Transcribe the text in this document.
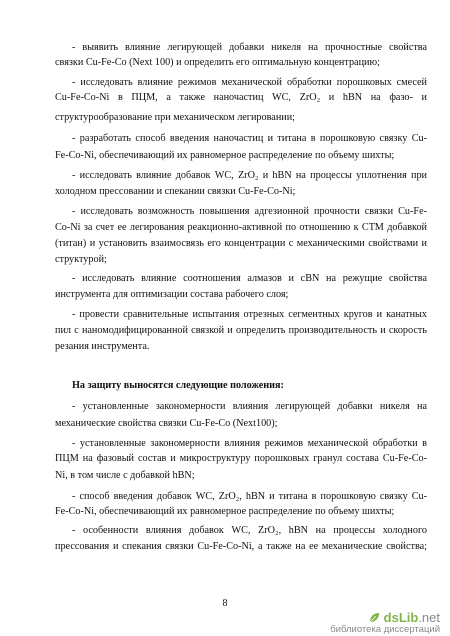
- выявить влияние легирующей добавки никеля на прочностные свойства
связки Cu-Fe-Co (Next 100) и определить его оптимальную концентрацию;
- исследовать влияние режимов механической обработки порошковых смесей
Cu-Fe-Co-Ni в ПЦМ, а также наночастиц WC, ZrO₂ и hBN на фазо- и
структурообразование при механическом легировании;
- разработать способ введения наночастиц и титана в порошковую связку Cu-
Fe-Co-Ni, обеспечивающий их равномерное распределение по объему шихты;
- исследовать влияние добавок WC, ZrO₂ и hBN на процессы уплотнения при
холодном прессовании и спекании связки Cu-Fe-Co-Ni;
- исследовать возможность повышения адгезионной прочности связки Cu-Fe-
Co-Ni за счет ее легирования реакционно-активной по отношению к СТМ добавкой
(титан) и установить взаимосвязь его концентрации с механическими свойствами и
структурой;
- исследовать влияние соотношения алмазов и cBN на режущие свойства
инструмента для оптимизации состава рабочего слоя;
- провести сравнительные испытания отрезных сегментных кругов и канатных
пил с наномодифицированной связкой и определить производительность и скорость
резания инструмента.
На защиту выносятся следующие положения:
- установленные закономерности влияния легирующей добавки никеля на
механические свойства связки Cu-Fe-Co (Next100);
- установленные закономерности влияния режимов механической обработки в
ПЦМ на фазовый состав и микроструктуру порошковых гранул состава Cu-Fe-Co-
Ni, в том числе с добавкой hBN;
- способ введения добавок WC, ZrO₂, hBN и титана в порошковую связку Cu-
Fe-Co-Ni, обеспечивающий их равномерное распределение по объему шихты;
- особенности влияния добавок WC, ZrO₂, hBN на процессы холодного
прессования и спекания связки Cu-Fe-Co-Ni, а также на ее механические свойства;
8
dsLib.net
библиотека диссертаций
